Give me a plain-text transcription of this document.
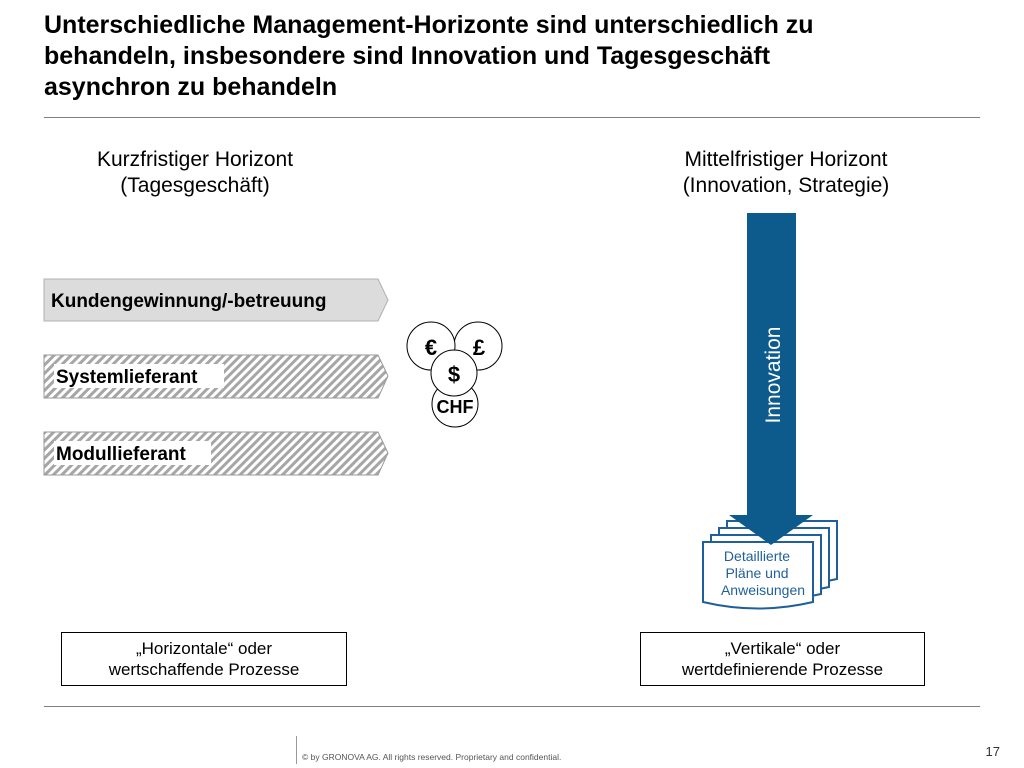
Unterschiedliche Management-Horizonte sind unterschiedlich zu
behandeln, insbesondere sind Innovation und Tagesgeschäft
asynchron zu behandeln
Kurzfristiger Horizont
(Tagesgeschäft)
Mittelfristiger Horizont
(Innovation, Strategie)
Kundengewinnung/-betreuung
Systemlieferant
Modullieferant
CHF
£
€
$	Innovation
Detaillierte
Pläne und
Anweisungen
„Horizontale“ oder
wertschaffende Prozesse
„Vertikale“ oder
wertdefinierende Prozesse
© by GRONOVA AG. All rights reserved. Proprietary and confidential.	17
